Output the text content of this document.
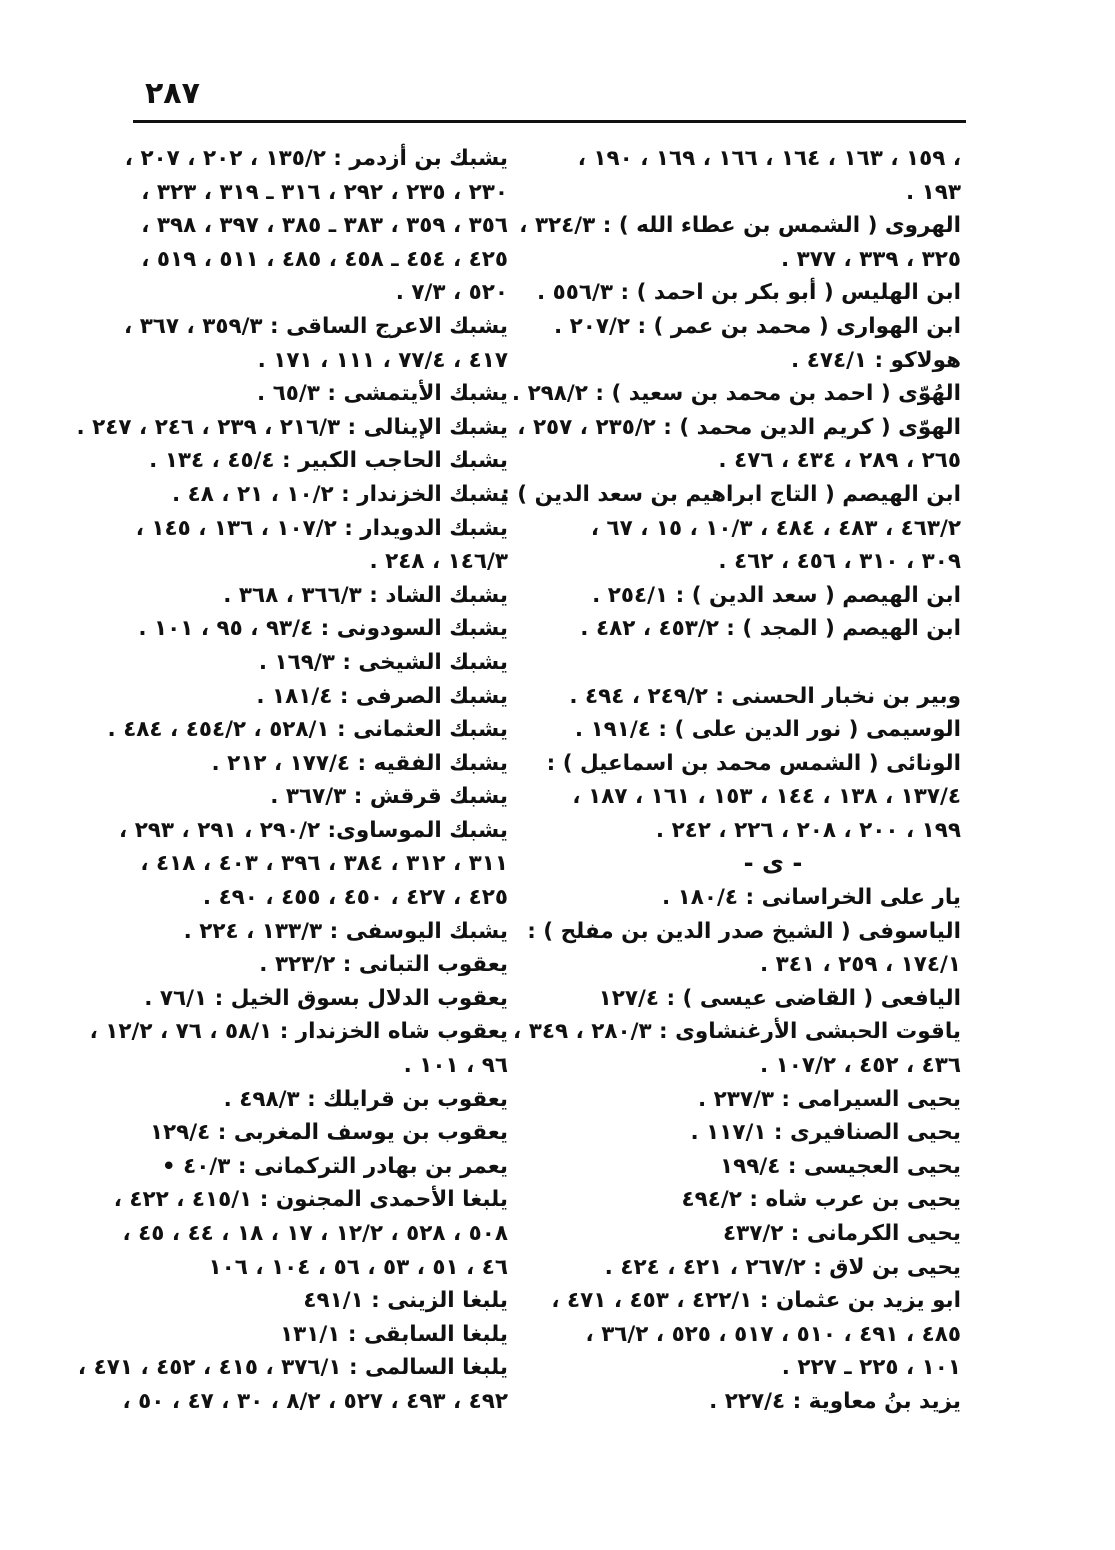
٢٨٧
، ١٥٩ ، ١٦٣ ، ١٦٤ ، ١٦٦ ، ١٦٩ ، ١٩٠ ،
١٩٣ .
الهروى ( الشمس بن عطاء الله ) : ٣٢٤/٣ ،
٣٢٥ ، ٣٣٩ ، ٣٧٧ .
ابن الهليس ( أبو بكر بن احمد ) : ٥٥٦/٣ .
ابن الهوارى ( محمد بن عمر ) : ٢٠٧/٢ .
هولاكو : ٤٧٤/١ .
الهُوّى ( احمد بن محمد بن سعيد ) : ٢٩٨/٢ .
الهوّى ( كريم الدين محمد ) : ٢٣٥/٢ ، ٢٥٧ ،
٢٦٥ ، ٢٨٩ ، ٤٣٤ ، ٤٧٦ .
ابن الهيصم ( التاج ابراهيم بن سعد الدين ) :
٤٦٣/٢ ، ٤٨٣ ، ٤٨٤ ، ١٠/٣ ، ١٥ ، ٦٧ ،
٣٠٩ ، ٣١٠ ، ٤٥٦ ، ٤٦٢ .
ابن الهيصم ( سعد الدين ) : ٢٥٤/١ .
ابن الهيصم ( المجد ) : ٤٥٣/٢ ، ٤٨٢ .
وبير بن نخبار الحسنى : ٢٤٩/٢ ، ٤٩٤ .
الوسيمى ( نور الدين على ) : ١٩١/٤ .
الونائى ( الشمس محمد بن اسماعيل ) :
١٣٧/٤ ، ١٣٨ ، ١٤٤ ، ١٥٣ ، ١٦١ ، ١٨٧ ،
١٩٩ ، ٢٠٠ ، ٢٠٨ ، ٢٢٦ ، ٢٤٢ .
- ى -
يار على الخراسانى : ١٨٠/٤ .
الياسوفى ( الشيخ صدر الدين بن مفلح ) :
١٧٤/١ ، ٢٥٩ ، ٣٤١ .
اليافعى ( القاضى عيسى ) : ١٢٧/٤
ياقوت الحبشى الأرغنشاوى : ٢٨٠/٣ ، ٣٤٩ ،
٤٣٦ ، ٤٥٢ ، ١٠٧/٢ .
يحيى السيرامى : ٢٣٧/٣ .
يحيى الصنافيرى : ١١٧/١ .
يحيى العجيسى : ١٩٩/٤
يحيى بن عرب شاه : ٤٩٤/٢
يحيى الكرمانى : ٤٣٧/٢
يحيى بن لاق : ٢٦٧/٢ ، ٤٢١ ، ٤٢٤ .
ابو يزيد بن عثمان : ٤٢٢/١ ، ٤٥٣ ، ٤٧١ ،
٤٨٥ ، ٤٩١ ، ٥١٠ ، ٥١٧ ، ٥٢٥ ، ٣٦/٢ ،
١٠١ ، ٢٢٥ ـ ٢٢٧ .
يزيد بنُ معاوية : ٢٢٧/٤ .
يشبك بن أزدمر : ١٣٥/٢ ، ٢٠٢ ، ٢٠٧ ،
٢٣٠ ، ٢٣٥ ، ٢٩٢ ، ٣١٦ ـ ٣١٩ ، ٣٢٣ ،
٣٥٦ ، ٣٥٩ ، ٣٨٣ ـ ٣٨٥ ، ٣٩٧ ، ٣٩٨ ،
٤٢٥ ، ٤٥٤ ـ ٤٥٨ ، ٤٨٥ ، ٥١١ ، ٥١٩ ،
٥٢٠ ، ٧/٣ .
يشبك الاعرج الساقى : ٣٥٩/٣ ، ٣٦٧ ،
٤١٧ ، ٧٧/٤ ، ١١١ ، ١٧١ .
يشبك الأيتمشى : ٦٥/٣ .
يشبك الإينالى : ٢١٦/٣ ، ٢٣٩ ، ٢٤٦ ، ٢٤٧ .
يشبك الحاجب الكبير : ٤٥/٤ ، ١٣٤ .
يشبك الخزندار : ١٠/٢ ، ٢١ ، ٤٨ .
يشبك الدويدار : ١٠٧/٢ ، ١٣٦ ، ١٤٥ ،
١٤٦/٣ ، ٢٤٨ .
يشبك الشاد : ٣٦٦/٣ ، ٣٦٨ .
يشبك السودونى : ٩٣/٤ ، ٩٥ ، ١٠١ .
يشبك الشيخى : ١٦٩/٣ .
يشبك الصرفى : ١٨١/٤ .
يشبك العثمانى : ٥٢٨/١ ، ٤٥٤/٢ ، ٤٨٤ .
يشبك الفقيه : ١٧٧/٤ ، ٢١٢ .
يشبك قرقش : ٣٦٧/٣ .
يشبك الموساوى: ٢٩٠/٢ ، ٢٩١ ، ٢٩٣ ،
٣١١ ، ٣١٢ ، ٣٨٤ ، ٣٩٦ ، ٤٠٣ ، ٤١٨ ،
٤٢٥ ، ٤٢٧ ، ٤٥٠ ، ٤٥٥ ، ٤٩٠ .
يشبك اليوسفى : ١٣٣/٣ ، ٢٢٤ .
يعقوب التبانى : ٣٢٣/٢ .
يعقوب الدلال بسوق الخيل : ٧٦/١ .
يعقوب شاه الخزندار : ٥٨/١ ، ٧٦ ، ١٢/٢ ،
٩٦ ، ١٠١ .
يعقوب بن قرايلك : ٤٩٨/٣ .
يعقوب بن يوسف المغربى : ١٢٩/٤
يعمر بن بهادر التركمانى : ٤٠/٣ •
يلبغا الأحمدى المجنون : ٤١٥/١ ، ٤٢٢ ،
٥٠٨ ، ٥٢٨ ، ١٢/٢ ، ١٧ ، ١٨ ، ٤٤ ، ٤٥ ،
٤٦ ، ٥١ ، ٥٣ ، ٥٦ ، ١٠٤ ، ١٠٦
يلبغا الزينى : ٤٩١/١
يلبغا السابقى : ١٣١/١
يلبغا السالمى : ٣٧٦/١ ، ٤١٥ ، ٤٥٢ ، ٤٧١ ،
٤٩٢ ، ٤٩٣ ، ٥٢٧ ، ٨/٢ ، ٣٠ ، ٤٧ ، ٥٠ ،
